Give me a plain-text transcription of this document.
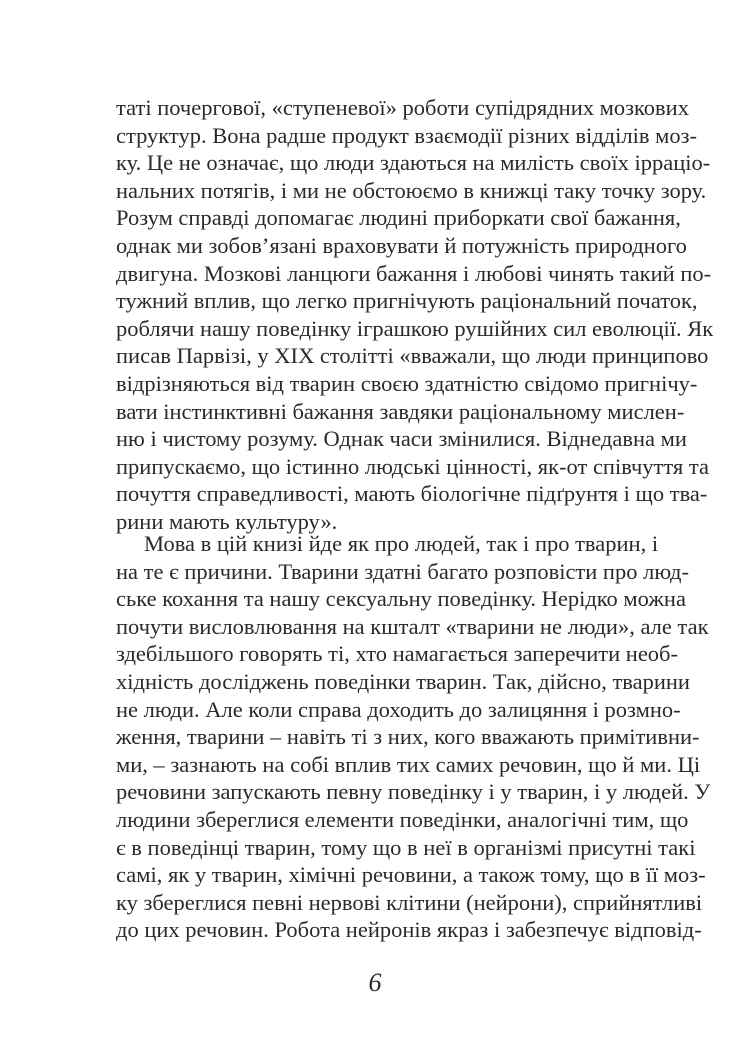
таті почергової, «ступеневої» роботи супідрядних мозкових
структур. Вона радше продукт взаємодії різних відділів моз-
ку. Це не означає, що люди здаються на милість своїх ірраціо-
нальних потягів, і ми не обстоюємо в книжці таку точку зору.
Розум справді допомагає людині приборкати свої бажання,
однак ми зобов’язані враховувати й потужність природного
двигуна. Мозкові ланцюги бажання і любові чинять такий по-
тужний вплив, що легко пригнічують раціональний початок,
роблячи нашу поведінку іграшкою рушійних сил еволюції. Як
писав Парвізі, у XIX столітті «вважали, що люди принципово
відрізняються від тварин своєю здатністю свідомо пригнічу-
вати інстинктивні бажання завдяки раціональному мислен-
ню і чистому розуму. Однак часи змінилися. Віднедавна ми
припускаємо, що істинно людські цінності, як-от співчуття та
почуття справедливості, мають біологічне підґрунтя і що тва-
рини мають культуру».
Мова в цій книзі йде як про людей, так і про тварин, і
на те є причини. Тварини здатні багато розповісти про люд-
ське кохання та нашу сексуальну поведінку. Нерідко можна
почути висловлювання на кшталт «тварини не люди», але так
здебільшого говорять ті, хто намагається заперечити необ-
хідність досліджень поведінки тварин. Так, дійсно, тварини
не люди. Але коли справа доходить до залицяння і розмно-
ження, тварини – навіть ті з них, кого вважають примітивни-
ми, – зазнають на собі вплив тих самих речовин, що й ми. Ці
речовини запускають певну поведінку і у тварин, і у людей. У
людини збереглися елементи поведінки, аналогічні тим, що
є в поведінці тварин, тому що в неї в організмі присутні такі
самі, як у тварин, хімічні речовини, а також тому, що в її моз-
ку збереглися певні нервові клітини (нейрони), сприйнятливі
до цих речовин. Робота нейронів якраз і забезпечує відповід-
6
